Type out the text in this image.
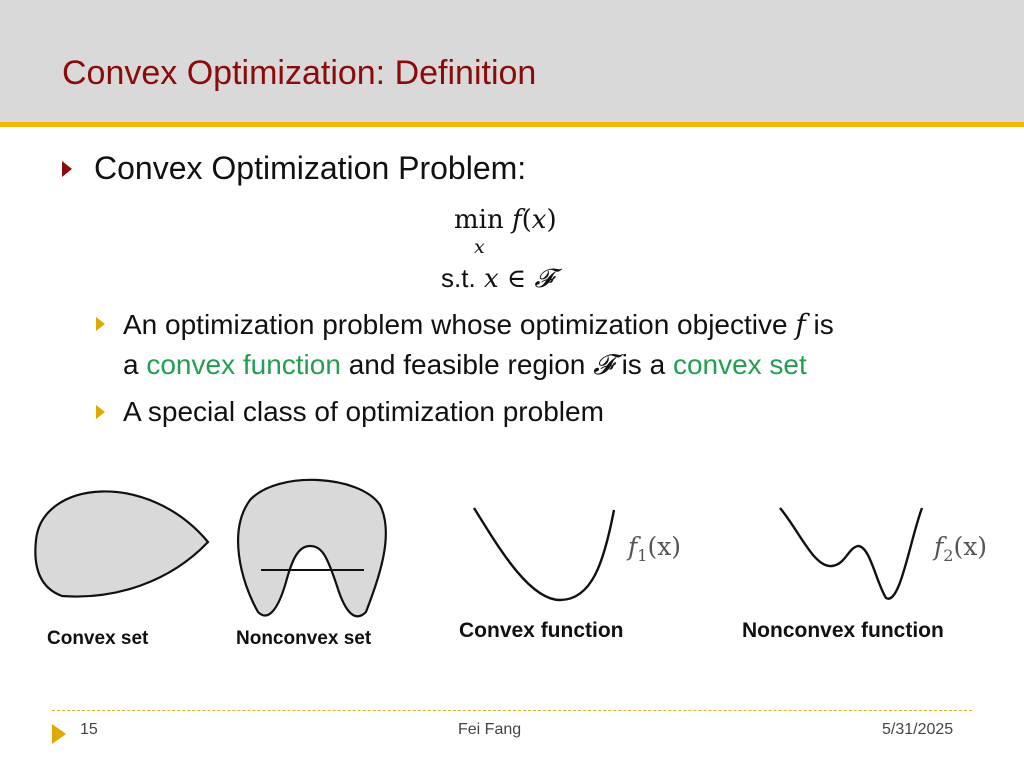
Convex Optimization: Definition
Convex Optimization Problem:
min f(x)
x
s.t. x ∈ 𝓕
An optimization problem whose optimization objective f is
a convex function and feasible region 𝓕 is a convex set
A special class of optimization problem
$f_1(x)$	$f_2(x)$
Convex set	Nonconvex set	Convex function	Nonconvex function
15	Fei Fang	5/31/2025
